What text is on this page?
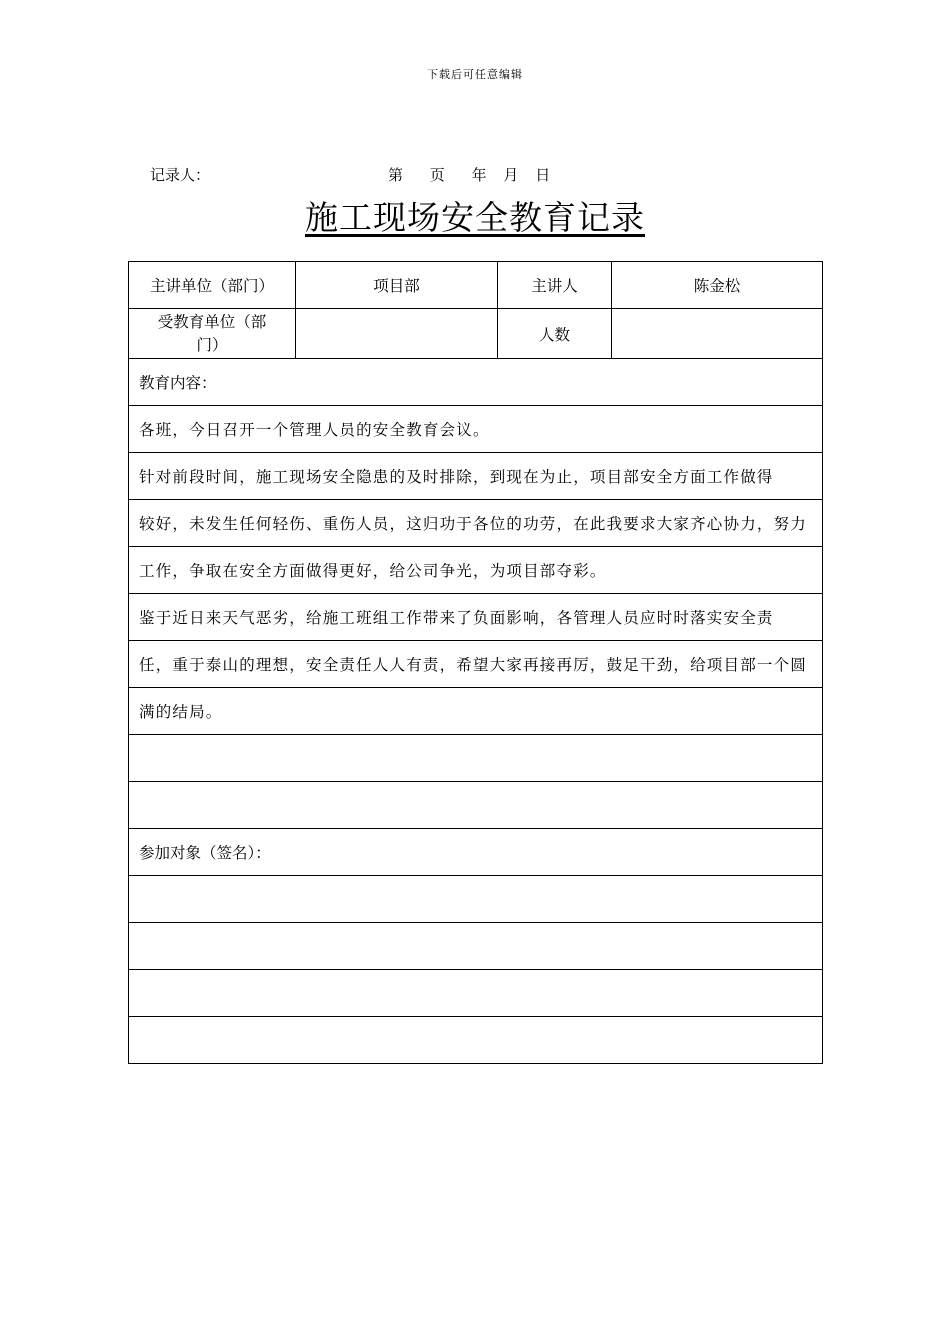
下载后可任意编辑
记录人：	第 页 年 月 日
施工现场安全教育记录
主讲单位（部门）	项目部	主讲人	陈金松
受教育单位（部
门）		人数	
教育内容：			
各班，今日召开一个管理人员的安全教育会议。			
针对前段时间，施工现场安全隐患的及时排除，到现在为止，项目部安全方面工作做得			
较好，未发生任何轻伤、重伤人员，这归功于各位的功劳，在此我要求大家齐心协力，努力			
工作，争取在安全方面做得更好，给公司争光，为项目部夺彩。			
鉴于近日来天气恶劣，给施工班组工作带来了负面影响，各管理人员应时时落实安全责			
任，重于泰山的理想，安全责任人人有责，希望大家再接再厉，鼓足干劲，给项目部一个圆			
满的结局。			

参加对象（签名）：			
